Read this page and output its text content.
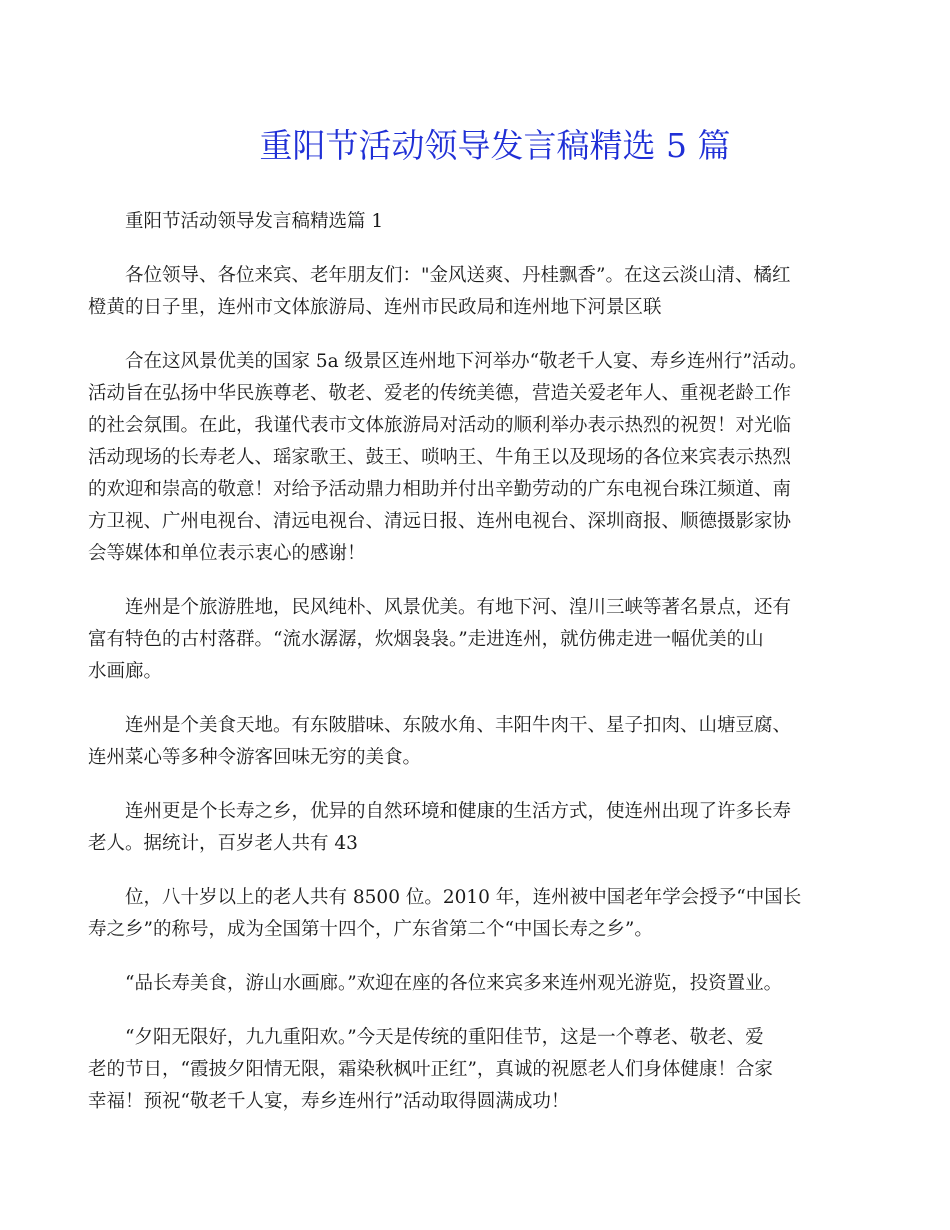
重阳节活动领导发言稿精选 5 篇

重阳节活动领导发言稿精选篇 1

各位领导、各位来宾、老年朋友们："金风送爽、丹桂飘香”。在这云淡山清、橘红
橙黄的日子里，连州市文体旅游局、连州市民政局和连州地下河景区联

合在这风景优美的国家 5a 级景区连州地下河举办“敬老千人宴、寿乡连州行”活动。
活动旨在弘扬中华民族尊老、敬老、爱老的传统美德，营造关爱老年人、重视老龄工作
的社会氛围。在此，我谨代表市文体旅游局对活动的顺利举办表示热烈的祝贺！对光临
活动现场的长寿老人、瑶家歌王、鼓王、唢呐王、牛角王以及现场的各位来宾表示热烈
的欢迎和崇高的敬意！对给予活动鼎力相助并付出辛勤劳动的广东电视台珠江频道、南
方卫视、广州电视台、清远电视台、清远日报、连州电视台、深圳商报、顺德摄影家协
会等媒体和单位表示衷心的感谢！

连州是个旅游胜地，民风纯朴、风景优美。有地下河、湟川三峡等著名景点，还有
富有特色的古村落群。“流水潺潺，炊烟袅袅。”走进连州，就仿佛走进一幅优美的山
水画廊。

连州是个美食天地。有东陂腊味、东陂水角、丰阳牛肉干、星子扣肉、山塘豆腐、
连州菜心等多种令游客回味无穷的美食。

连州更是个长寿之乡，优异的自然环境和健康的生活方式，使连州出现了许多长寿
老人。据统计，百岁老人共有 43

位，八十岁以上的老人共有 8500 位。2010 年，连州被中国老年学会授予“中国长
寿之乡”的称号，成为全国第十四个，广东省第二个“中国长寿之乡”。

“品长寿美食，游山水画廊。”欢迎在座的各位来宾多来连州观光游览，投资置业。

“夕阳无限好，九九重阳欢。”今天是传统的重阳佳节，这是一个尊老、敬老、爱
老的节日，“霞披夕阳情无限，霜染秋枫叶正红”，真诚的祝愿老人们身体健康！合家
幸福！预祝“敬老千人宴，寿乡连州行”活动取得圆满成功！
